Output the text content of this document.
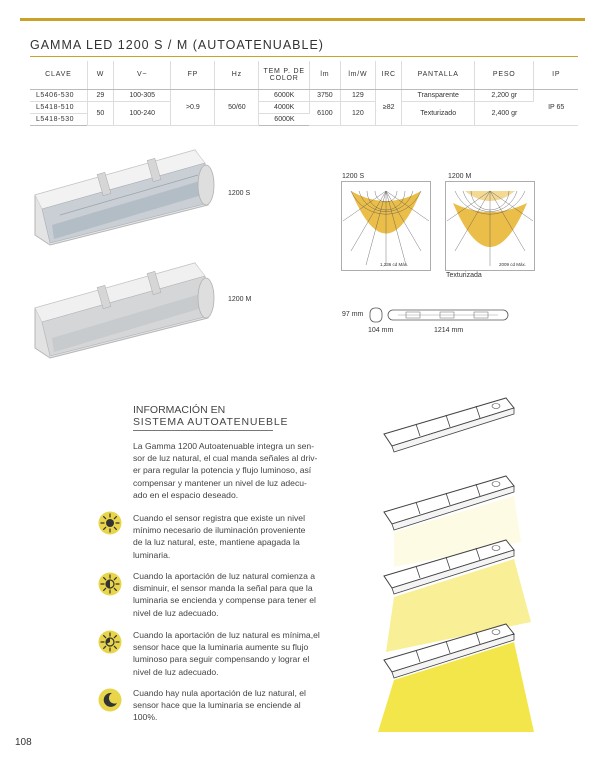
GAMMA LED 1200 S / M (AUTOATENUABLE)
CLAVE	W	V~	FP	Hz	TEM P. DE COLOR	lm	lm/W	IRC	PANTALLA	PESO	IP
L5406-530	29	100-305	>0.9	50/60	6000K	3750	129	≥82	Transparente	2,200 gr	IP 65
L5418-510	50	100-240			4000K	6100	120		Texturizado	2,400 gr	
L5418-530					6000K						
1200 S
1200 M
1200 S
1,236 cd Máx.
1200 M
2009 cd Máx.
Texturizada
97 mm
104 mm	1214 mm
INFORMACIÓN EN
SISTEMA AUTOATENUEBLE
La Gamma 1200 Autoatenuable integra un sen-
sor de luz natural, el cual manda señales al driv-
er para regular la potencia y flujo luminoso, así
compensar y mantener un nivel de luz adecu-
ado en el espacio deseado.
Cuando el sensor registra que existe un nivel
mínimo necesario de iluminación proveniente
de la luz natural, este, mantiene apagada la
luminaria.
Cuando la aportación de luz natural comienza a
disminuir, el sensor manda la señal para que la
luminaria se encienda y compense para tener el
nivel de luz adecuado.
Cuando la aportación de luz natural es mínima,el
sensor hace que la luminaria aumente su flujo
luminoso para seguir compensando y lograr el
nivel de luz adecuado.
Cuando hay nula aportación de luz natural, el
sensor hace que la luminaria se enciende al
100%.
108
